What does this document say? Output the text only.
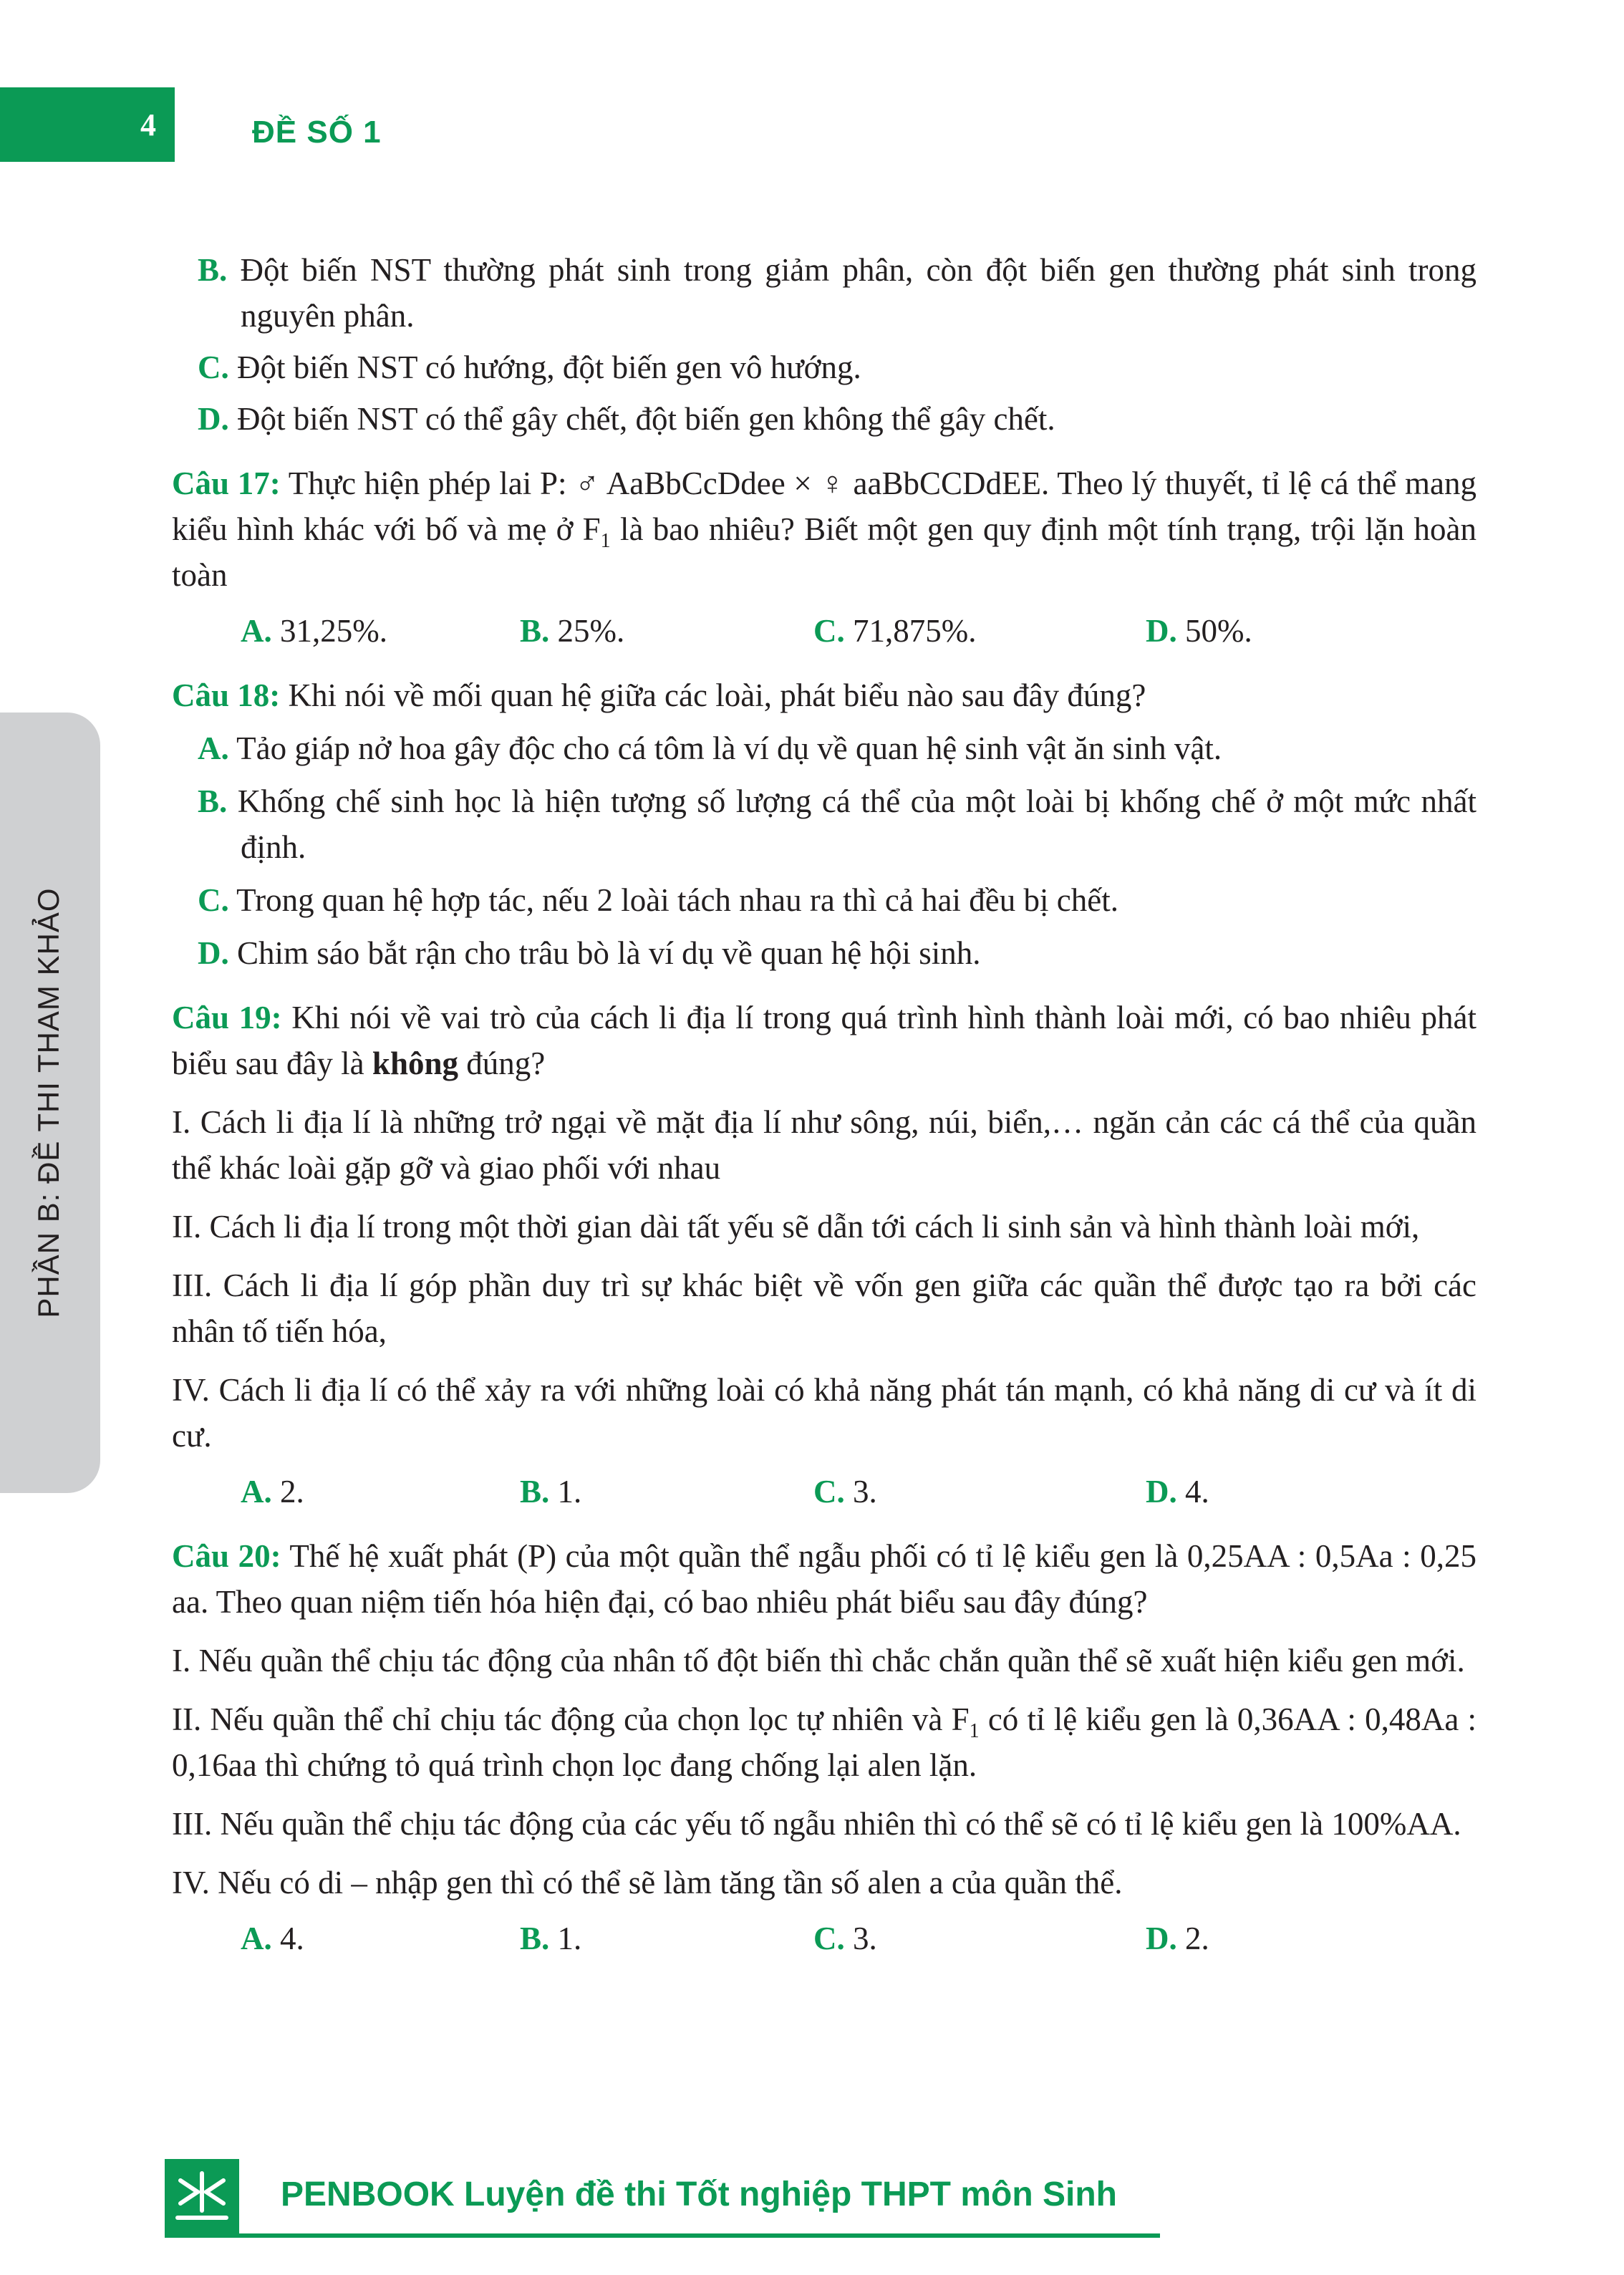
4	ĐỀ SỐ 1
PHẦN B: ĐỀ THI THAM KHẢO

B. Đột biến NST thường phát sinh trong giảm phân, còn đột biến gen thường phát sinh trong nguyên phân.

C. Đột biến NST có hướng, đột biến gen vô hướng.

D. Đột biến NST có thể gây chết, đột biến gen không thể gây chết.

Câu 17: Thực hiện phép lai P: ♂ AaBbCcDdee × ♀ aaBbCCDdEE. Theo lý thuyết, tỉ lệ cá thể mang kiểu hình khác với bố và mẹ ở $F_1$ là bao nhiêu? Biết một gen quy định một tính trạng, trội lặn hoàn toàn

A. 31,25%.	B. 25%.	C. 71,875%.	D. 50%.

Câu 18: Khi nói về mối quan hệ giữa các loài, phát biểu nào sau đây đúng?

A. Tảo giáp nở hoa gây độc cho cá tôm là ví dụ về quan hệ sinh vật ăn sinh vật.

B. Khống chế sinh học là hiện tượng số lượng cá thể của một loài bị khống chế ở một mức nhất định.

C. Trong quan hệ hợp tác, nếu 2 loài tách nhau ra thì cả hai đều bị chết.

D. Chim sáo bắt rận cho trâu bò là ví dụ về quan hệ hội sinh.

Câu 19: Khi nói về vai trò của cách li địa lí trong quá trình hình thành loài mới, có bao nhiêu phát biểu sau đây là không đúng?

I. Cách li địa lí là những trở ngại về mặt địa lí như sông, núi, biển,… ngăn cản các cá thể của quần thể khác loài gặp gỡ và giao phối với nhau

II. Cách li địa lí trong một thời gian dài tất yếu sẽ dẫn tới cách li sinh sản và hình thành loài mới,

III. Cách li địa lí góp phần duy trì sự khác biệt về vốn gen giữa các quần thể được tạo ra bởi các nhân tố tiến hóa,

IV. Cách li địa lí có thể xảy ra với những loài có khả năng phát tán mạnh, có khả năng di cư và ít di cư.

A. 2.	B. 1.	C. 3.	D. 4.

Câu 20: Thế hệ xuất phát (P) của một quần thể ngẫu phối có tỉ lệ kiểu gen là 0,25AA : 0,5Aa : 0,25 aa. Theo quan niệm tiến hóa hiện đại, có bao nhiêu phát biểu sau đây đúng?

I. Nếu quần thể chịu tác động của nhân tố đột biến thì chắc chắn quần thể sẽ xuất hiện kiểu gen mới.

II. Nếu quần thể chỉ chịu tác động của chọn lọc tự nhiên và $F_1$ có tỉ lệ kiểu gen là 0,36AA : 0,48Aa : 0,16aa thì chứng tỏ quá trình chọn lọc đang chống lại alen lặn.

III. Nếu quần thể chịu tác động của các yếu tố ngẫu nhiên thì có thể sẽ có tỉ lệ kiểu gen là 100%AA.

IV. Nếu có di – nhập gen thì có thể sẽ làm tăng tần số alen a của quần thể.

A. 4.	B. 1.	C. 3.	D. 2.
PENBOOK Luyện đề thi Tốt nghiệp THPT môn Sinh
